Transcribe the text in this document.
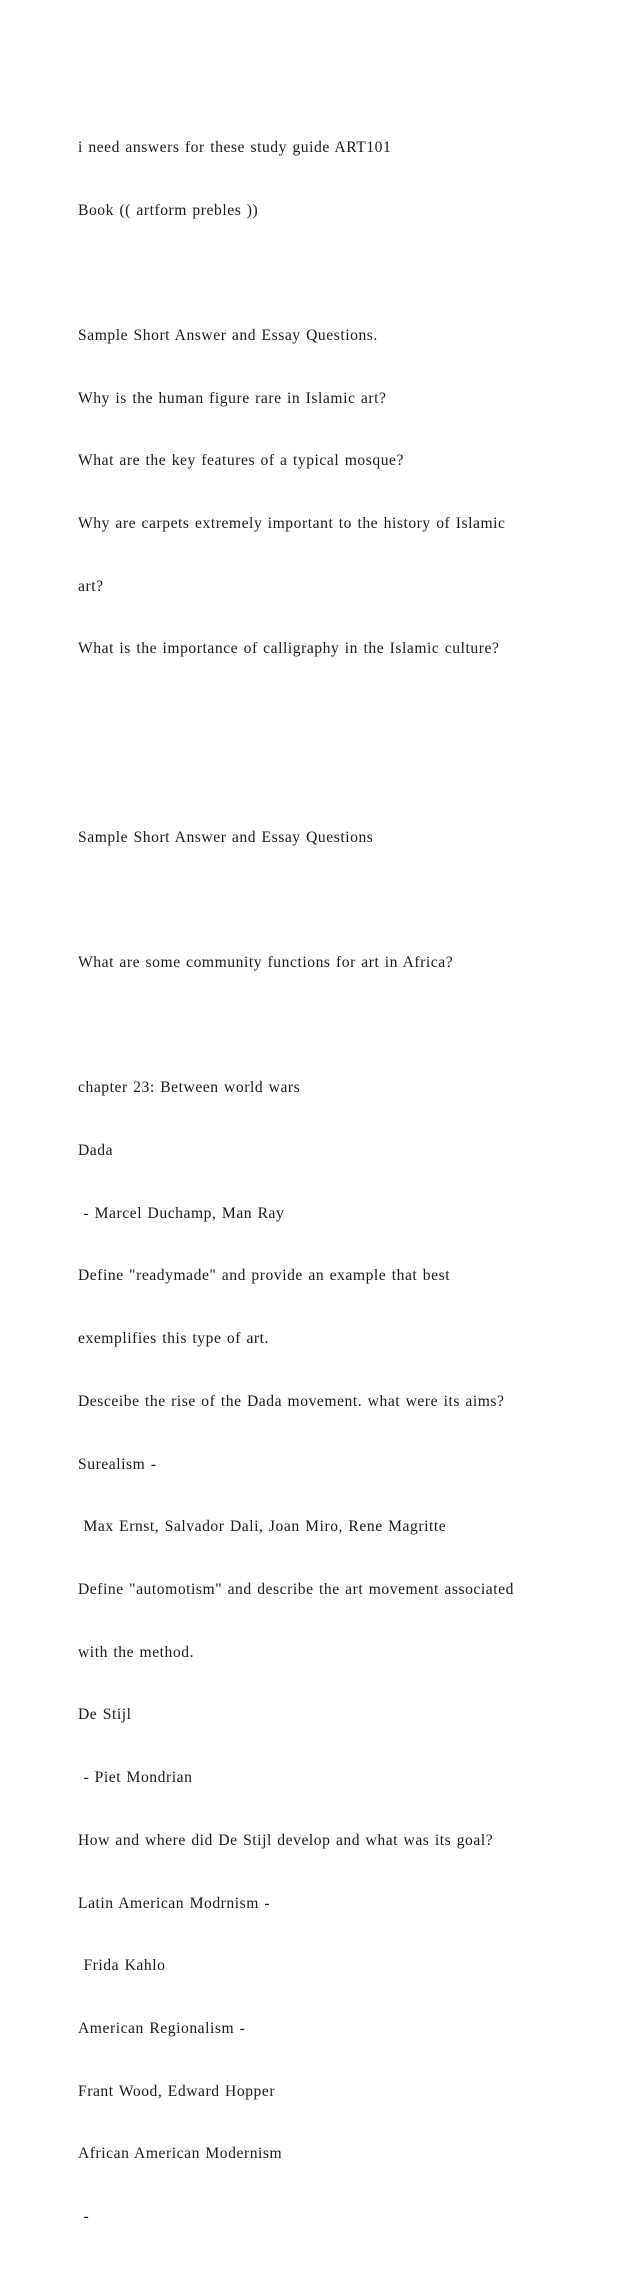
i need answers for these study guide ART101

Book (( artform prebles ))

Sample Short Answer and Essay Questions.

Why is the human figure rare in Islamic art?

What are the key features of a typical mosque?

Why are carpets extremely important to the history of Islamic

art?

What is the importance of calligraphy in the Islamic culture?

Sample Short Answer and Essay Questions

What are some community functions for art in Africa?

chapter 23: Between world wars

Dada

- Marcel Duchamp, Man Ray

Define "readymade" and provide an example that best

exemplifies this type of art.

Desceibe the rise of the Dada movement. what were its aims?

Surealism -

Max Ernst, Salvador Dali, Joan Miro, Rene Magritte

Define "automotism" and describe the art movement associated

with the method.

De Stijl

- Piet Mondrian

How and where did De Stijl develop and what was its goal?

Latin American Modrnism -

Frida Kahlo

American Regionalism -

Frant Wood, Edward Hopper

African American Modernism

-
